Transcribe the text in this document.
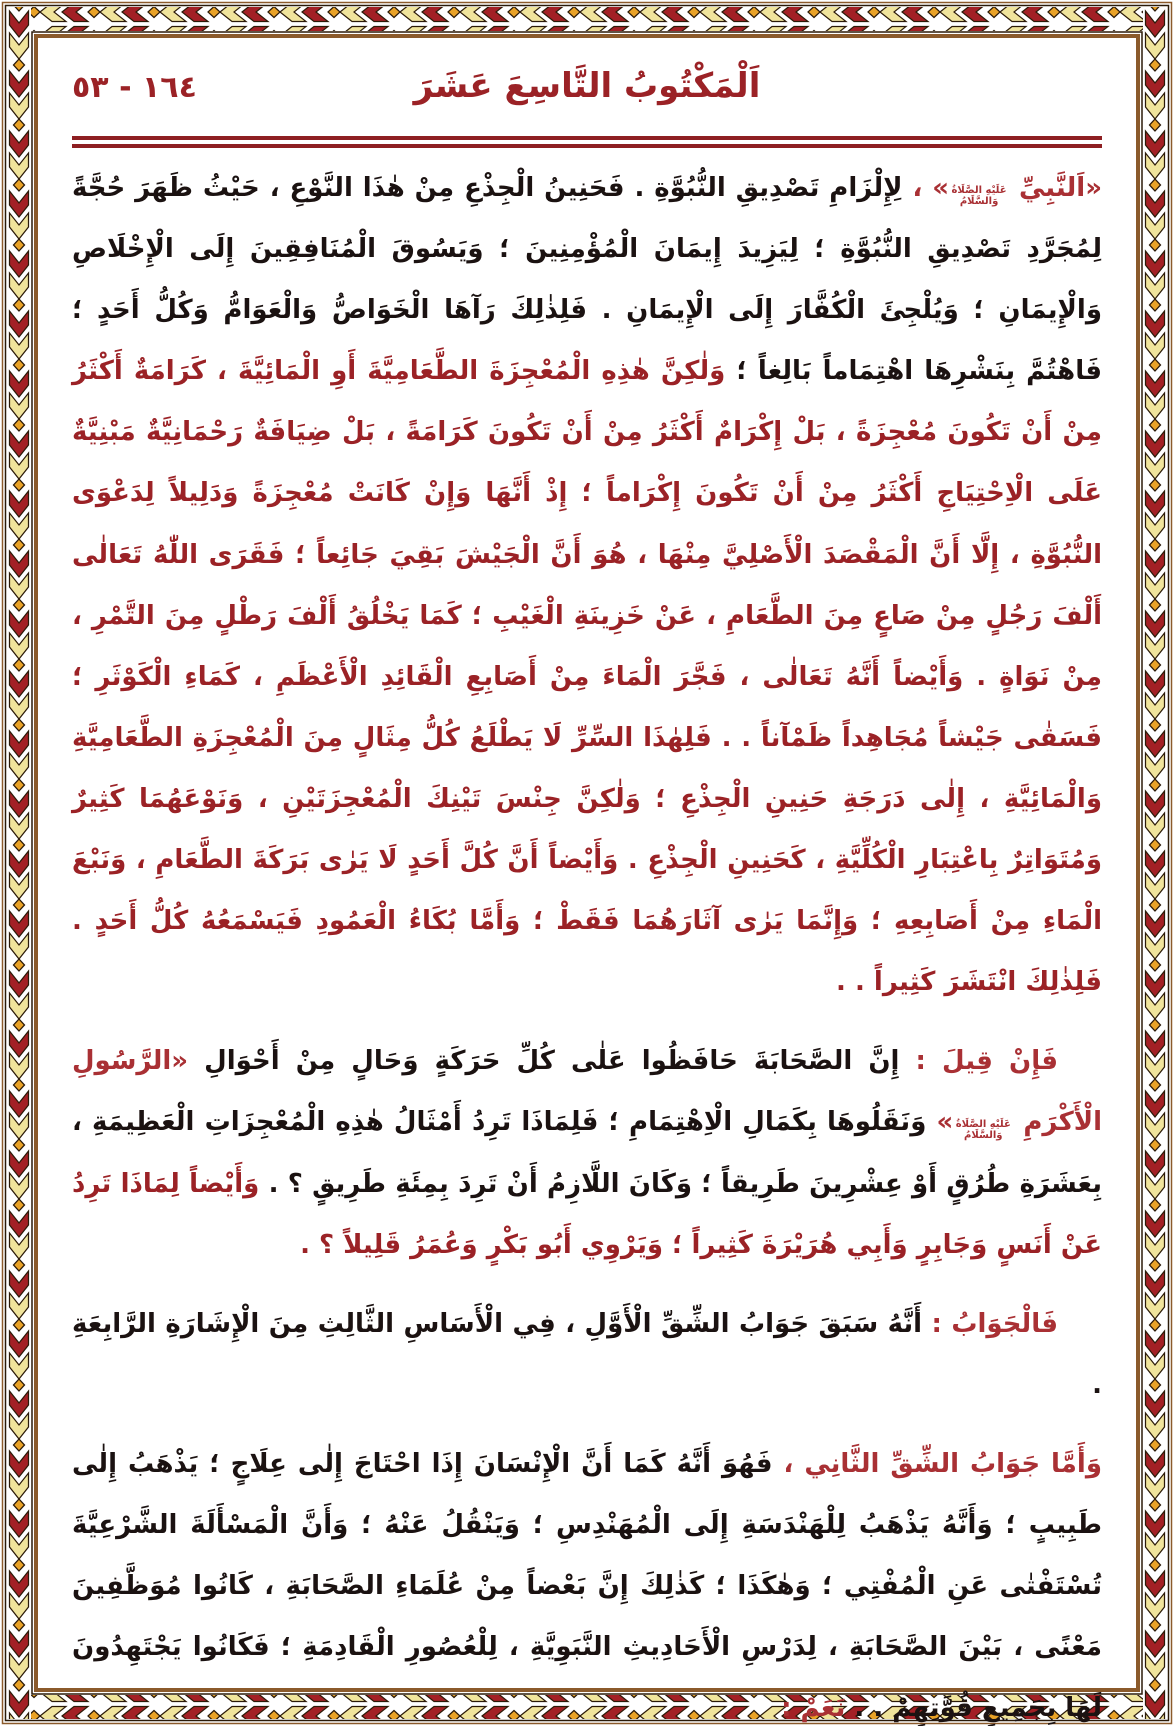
١٦٤ - ٥٣	اَلْمَكْتُوبُ التَّاسِعَ عَشَرَ

«اَلنَّبِيِّ عَلَيْهِ الصَّلَاةُ وَالسَّلَامُ» ، لِإِلْزَامِ تَصْدِيقِ النُّبُوَّةِ . فَحَنِينُ الْجِذْعِ مِنْ هٰذَا النَّوْعِ ، حَيْثُ ظَهَرَ حُجَّةً لِمُجَرَّدِ تَصْدِيقِ النُّبُوَّةِ ؛ لِيَزِيدَ إِيمَانَ الْمُؤْمِنِينَ ؛ وَيَسُوقَ الْمُنَافِقِينَ إِلَى الْإِخْلَاصِ وَالْإِيمَانِ ؛ وَيُلْجِئَ الْكُفَّارَ إِلَى الْإِيمَانِ . فَلِذٰلِكَ رَآهَا الْخَوَاصُّ وَالْعَوَامُّ وَكُلُّ أَحَدٍ ؛ فَاهْتُمَّ بِنَشْرِهَا اهْتِمَاماً بَالِغاً ؛ وَلٰكِنَّ هٰذِهِ الْمُعْجِزَةَ الطَّعَامِيَّةَ أَوِ الْمَائِيَّةَ ، كَرَامَةٌ أَكْثَرُ مِنْ أَنْ تَكُونَ مُعْجِزَةً ، بَلْ إِكْرَامٌ أَكْثَرُ مِنْ أَنْ تَكُونَ كَرَامَةً ، بَلْ ضِيَافَةٌ رَحْمَانِيَّةٌ مَبْنِيَّةٌ عَلَى الْاِحْتِيَاجِ أَكْثَرُ مِنْ أَنْ تَكُونَ إِكْرَاماً ؛ إِذْ أَنَّهَا وَإِنْ كَانَتْ مُعْجِزَةً وَدَلِيلاً لِدَعْوَى النُّبُوَّةِ ، إِلَّا أَنَّ الْمَقْصَدَ الْأَصْلِيَّ مِنْهَا ، هُوَ أَنَّ الْجَيْشَ بَقِيَ جَائِعاً ؛ فَقَرَى اللّٰهُ تَعَالٰى أَلْفَ رَجُلٍ مِنْ صَاعٍ مِنَ الطَّعَامِ ، عَنْ خَزِينَةِ الْغَيْبِ ؛ كَمَا يَخْلُقُ أَلْفَ رَطْلٍ مِنَ التَّمْرِ ، مِنْ نَوَاةٍ . وَأَيْضاً أَنَّهُ تَعَالٰى ، فَجَّرَ الْمَاءَ مِنْ أَصَابِعِ الْقَائِدِ الْأَعْظَمِ ، كَمَاءِ الْكَوْثَرِ ؛ فَسَقٰى جَيْشاً مُجَاهِداً ظَمْآناً . . فَلِهٰذَا السِّرِّ لَا يَطْلَعُ كُلُّ مِثَالٍ مِنَ الْمُعْجِزَةِ الطَّعَامِيَّةِ وَالْمَائِيَّةِ ، إِلٰى دَرَجَةِ حَنِينِ الْجِذْعِ ؛ وَلٰكِنَّ جِنْسَ تَيْنِكَ الْمُعْجِزَتَيْنِ ، وَنَوْعَهُمَا كَثِيرٌ وَمُتَوَاتِرٌ بِاعْتِبَارِ الْكُلِّيَّةِ ، كَحَنِينِ الْجِذْعِ . وَأَيْضاً أَنَّ كُلَّ أَحَدٍ لَا يَرٰى بَرَكَةَ الطَّعَامِ ، وَنَبْعَ الْمَاءِ مِنْ أَصَابِعِهِ ؛ وَإِنَّمَا يَرٰى آثَارَهُمَا فَقَطْ ؛ وَأَمَّا بُكَاءُ الْعَمُودِ فَيَسْمَعُهُ كُلُّ أَحَدٍ . فَلِذٰلِكَ انْتَشَرَ كَثِيراً . .

فَإِنْ قِيلَ : إِنَّ الصَّحَابَةَ حَافَظُوا عَلٰى كُلِّ حَرَكَةٍ وَحَالٍ مِنْ أَحْوَالِ «الرَّسُولِ الْأَكْرَمِ عَلَيْهِ الصَّلَاةُ وَالسَّلَامُ» وَنَقَلُوهَا بِكَمَالِ الْاِهْتِمَامِ ؛ فَلِمَاذَا تَرِدُ أَمْثَالُ هٰذِهِ الْمُعْجِزَاتِ الْعَظِيمَةِ ، بِعَشَرَةِ طُرُقٍ أَوْ عِشْرِينَ طَرِيقاً ؛ وَكَانَ اللَّازِمُ أَنْ تَرِدَ بِمِئَةِ طَرِيقٍ ؟ . وَأَيْضاً لِمَاذَا تَرِدُ عَنْ أَنَسٍ وَجَابِرٍ وَأَبِي هُرَيْرَةَ كَثِيراً ؛ وَيَرْوِي أَبُو بَكْرٍ وَعُمَرُ قَلِيلاً ؟ .

فَالْجَوَابُ : أَنَّهُ سَبَقَ جَوَابُ الشِّقِّ الْأَوَّلِ ، فِي الْأَسَاسِ الثَّالِثِ مِنَ الْإِشَارَةِ الرَّابِعَةِ .

وَأَمَّا جَوَابُ الشِّقِّ الثَّانِي ، فَهُوَ أَنَّهُ كَمَا أَنَّ الْإِنْسَانَ إِذَا احْتَاجَ إِلٰى عِلَاجٍ ؛ يَذْهَبُ إِلٰى طَبِيبٍ ؛ وَأَنَّهُ يَذْهَبُ لِلْهَنْدَسَةِ إِلَى الْمُهَنْدِسِ ؛ وَيَنْقُلُ عَنْهُ ؛ وَأَنَّ الْمَسْأَلَةَ الشَّرْعِيَّةَ تُسْتَفْتٰى عَنِ الْمُفْتِي ؛ وَهٰكَذَا ؛ كَذٰلِكَ إِنَّ بَعْضاً مِنْ عُلَمَاءِ الصَّحَابَةِ ، كَانُوا مُوَظَّفِينَ مَعْنًى ، بَيْنَ الصَّحَابَةِ ، لِدَرْسِ الْأَحَادِيثِ النَّبَوِيَّةِ ، لِلْعُصُورِ الْقَادِمَةِ ؛ فَكَانُوا يَجْتَهِدُونَ لَهَا بِجَمِيعِ قُوَّتِهِمْ . . نَعَمْ :
